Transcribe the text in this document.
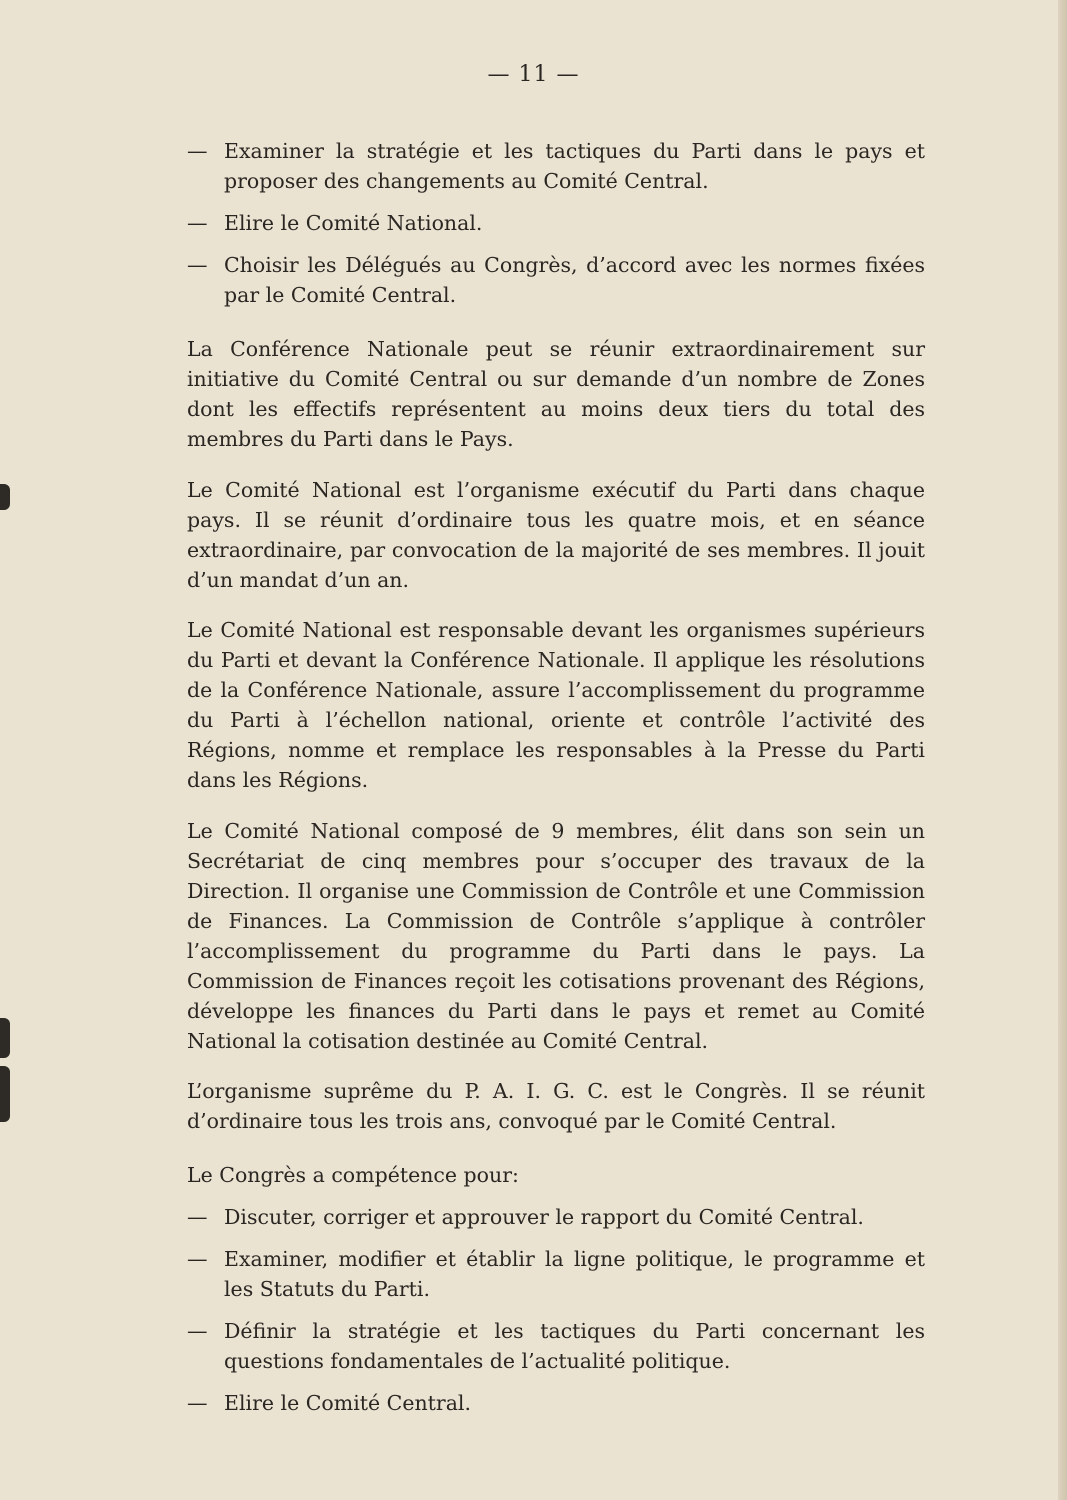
— 11 —
— Examiner la stratégie et les tactiques du Parti dans le pays et proposer des changements au Comité Central.
— Elire le Comité National.
— Choisir les Délégués au Congrès, d’accord avec les normes fixées par le Comité Central.

La Conférence Nationale peut se réunir extraordinairement sur initiative du Comité Central ou sur demande d’un nombre de Zones dont les effectifs représentent au moins deux tiers du total des membres du Parti dans le Pays.

Le Comité National est l’organisme exécutif du Parti dans chaque pays. Il se réunit d’ordinaire tous les quatre mois, et en séance extraordinaire, par convocation de la majorité de ses membres. Il jouit d’un mandat d’un an.

Le Comité National est responsable devant les organismes supérieurs du Parti et devant la Conférence Nationale. Il applique les résolutions de la Conférence Nationale, assure l’accomplissement du programme du Parti à l’échellon national, oriente et contrôle l’activité des Régions, nomme et remplace les responsables à la Presse du Parti dans les Régions.

Le Comité National composé de 9 membres, élit dans son sein un Secrétariat de cinq membres pour s’occuper des travaux de la Direction. Il organise une Commission de Contrôle et une Commission de Finances. La Commission de Contrôle s’applique à contrôler l’accomplissement du programme du Parti dans le pays. La Commission de Finances reçoit les cotisations provenant des Régions, développe les finances du Parti dans le pays et remet au Comité National la cotisation destinée au Comité Central.

L’organisme suprême du P. A. I. G. C. est le Congrès. Il se réunit d’ordinaire tous les trois ans, convoqué par le Comité Central.

Le Congrès a compétence pour:

— Discuter, corriger et approuver le rapport du Comité Central.
— Examiner, modifier et établir la ligne politique, le programme et les Statuts du Parti.
— Définir la stratégie et les tactiques du Parti concernant les questions fondamentales de l’actualité politique.
— Elire le Comité Central.
